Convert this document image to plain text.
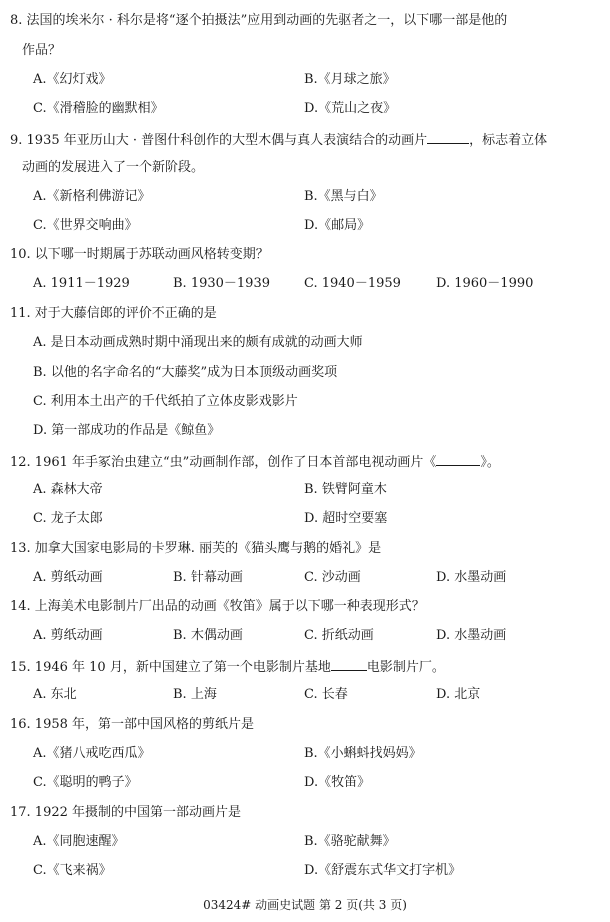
8. 法国的埃米尔 · 科尔是将“逐个拍摄法”应用到动画的先驱者之一，以下哪一部是他的
作品？
A.《幻灯戏》	B.《月球之旅》
C.《滑稽脸的幽默相》	D.《荒山之夜》
9. 1935 年亚历山大 · 普图什科创作的大型木偶与真人表演结合的动画片	，标志着立体
动画的发展进入了一个新阶段。
A.《新格利佛游记》	B.《黑与白》
C.《世界交响曲》	D.《邮局》
10. 以下哪一时期属于苏联动画风格转变期？
A. 1911－1929	B. 1930－1939	C. 1940－1959	D. 1960－1990
11. 对于大藤信郎的评价不正确的是
A. 是日本动画成熟时期中涌现出来的颇有成就的动画大师
B. 以他的名字命名的“大藤奖”成为日本顶级动画奖项
C. 利用本土出产的千代纸拍了立体皮影戏影片
D. 第一部成功的作品是《鲸鱼》
12. 1961 年手冢治虫建立“虫”动画制作部，创作了日本首部电视动画片《	》。
A. 森林大帝	B. 铁臂阿童木
C. 龙子太郎	D. 超时空要塞
13. 加拿大国家电影局的卡罗琳. 丽芙的《猫头鹰与鹅的婚礼》是
A. 剪纸动画	B. 针幕动画	C. 沙动画	D. 水墨动画
14. 上海美术电影制片厂出品的动画《牧笛》属于以下哪一种表现形式？
A. 剪纸动画	B. 木偶动画	C. 折纸动画	D. 水墨动画
15. 1946 年 10 月，新中国建立了第一个电影制片基地	电影制片厂。
A. 东北	B. 上海	C. 长春	D. 北京
16. 1958 年，第一部中国风格的剪纸片是
A.《猪八戒吃西瓜》	B.《小蝌蚪找妈妈》
C.《聪明的鸭子》	D.《牧笛》
17. 1922 年摄制的中国第一部动画片是
A.《同胞速醒》	B.《骆驼献舞》
C.《飞来祸》	D.《舒震东式华文打字机》
03424# 动画史试题 第 2 页(共 3 页)
